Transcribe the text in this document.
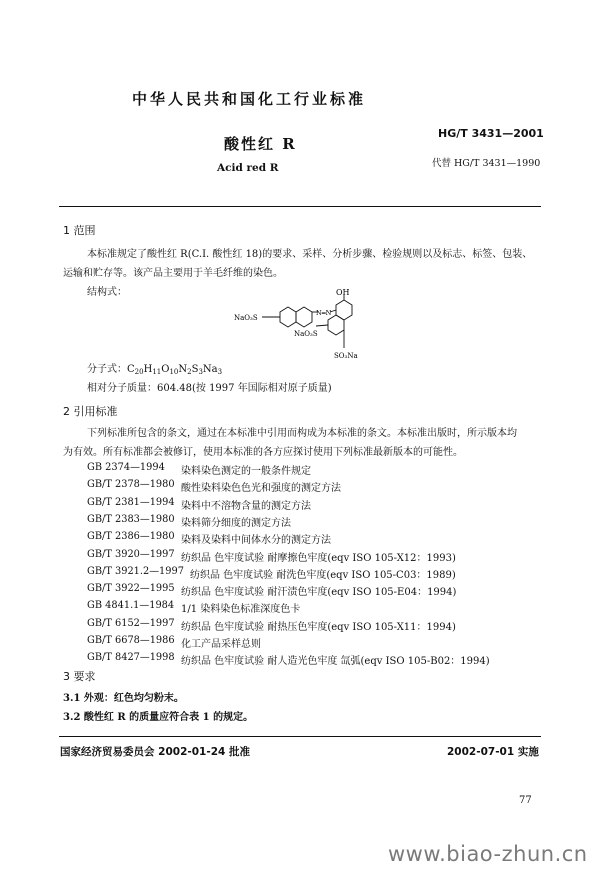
中华人民共和国化工行业标准
酸性红 R
HG/T 3431—2001
Acid red R	代替 HG/T 3431—1990
1 范围
本标准规定了酸性红 R(C.I. 酸性红 18)的要求、采样、分析步骤、检验规则以及标志、标签、包装、
运输和贮存等。该产品主要用于羊毛纤维的染色。
结构式：	OH
NaO₃S
N═N
NaO₃S
SO₃Na
分子式：$C_{20}H_{11}O_{10}N_2S_3Na_3$
相对分子质量：604.48(按 1997 年国际相对原子质量)
2 引用标准
下列标准所包含的条文，通过在本标准中引用而构成为本标准的条文。本标准出版时，所示版本均
为有效。所有标准都会被修订，使用本标准的各方应探讨使用下列标准最新版本的可能性。
GB 2374—1994 染料染色测定的一般条件规定
GB/T 2378—1980 酸性染料染色色光和强度的测定方法
GB/T 2381—1994 染料中不溶物含量的测定方法
GB/T 2383—1980 染料筛分细度的测定方法
GB/T 2386—1980 染料及染料中间体水分的测定方法
GB/T 3920—1997 纺织品 色牢度试验 耐摩擦色牢度(eqv ISO 105-X12：1993)
GB/T 3921.2—1997 纺织品 色牢度试验 耐洗色牢度(eqv ISO 105-C03：1989)
GB/T 3922—1995 纺织品 色牢度试验 耐汗渍色牢度(eqv ISO 105-E04：1994)
GB 4841.1—1984 1/1 染料染色标准深度色卡
GB/T 6152—1997 纺织品 色牢度试验 耐热压色牢度(eqv ISO 105-X11：1994)
GB/T 6678—1986 化工产品采样总则
GB/T 8427—1998 纺织品 色牢度试验 耐人造光色牢度 氙弧(eqv ISO 105-B02：1994)
3 要求
3.1 外观：红色均匀粉末。
3.2 酸性红 R 的质量应符合表 1 的规定。
国家经济贸易委员会 2002-01-24 批准	2002-07-01 实施
77
www.biao-zhun.cn
